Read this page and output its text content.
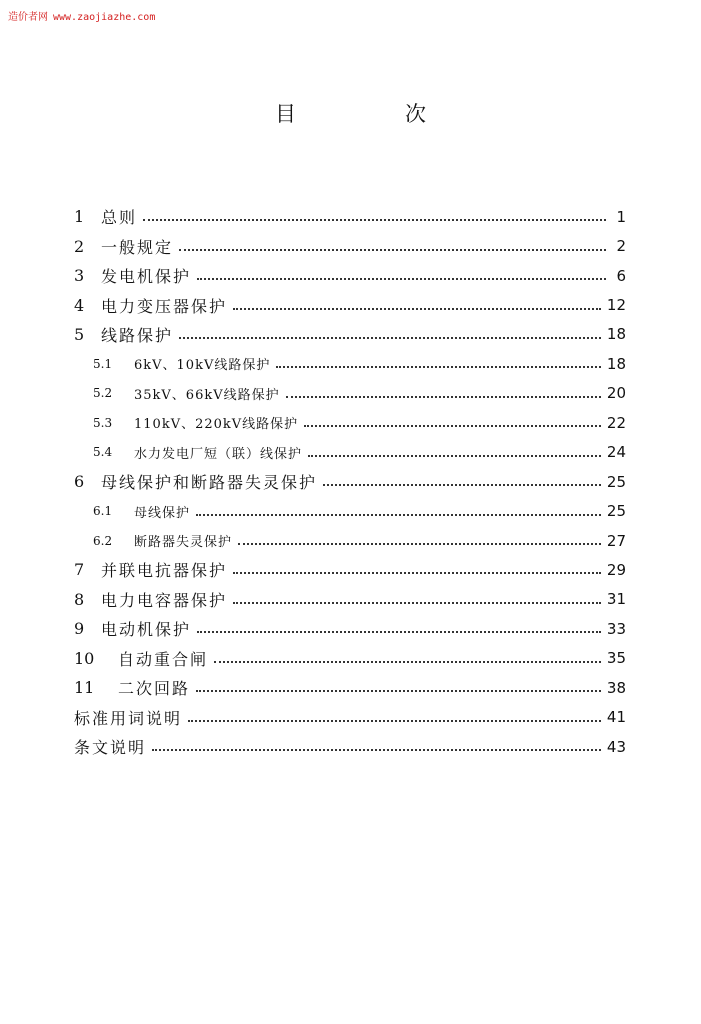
造价者网 www.zaojiazhe.com
目　次
1	总则	1
2	一般规定	2
3	发电机保护	6
4	电力变压器保护	12
5	线路保护	18
5.1	6kV、10kV线路保护	18
5.2	35kV、66kV线路保护	20
5.3	110kV、220kV线路保护	22
5.4	水力发电厂短（联）线保护	24
6	母线保护和断路器失灵保护	25
6.1	母线保护	25
6.2	断路器失灵保护	27
7	并联电抗器保护	29
8	电力电容器保护	31
9	电动机保护	33
10	自动重合闸	35
11	二次回路	38
标准用词说明	41
条文说明	43
